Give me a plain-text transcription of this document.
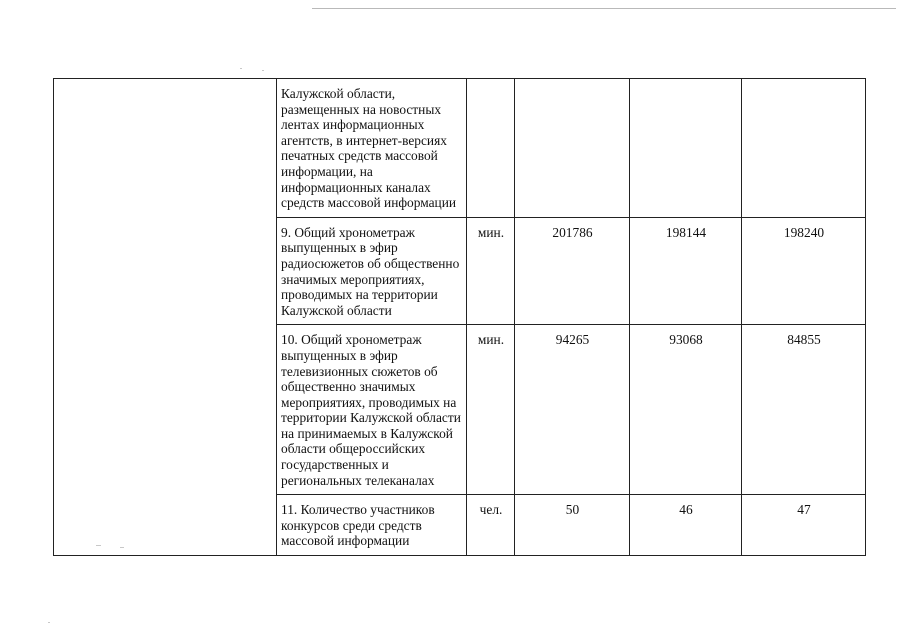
	Калужской области, размещенных на новостных лентах информационных агентств, в интернет-версиях печатных средств массовой информации, на информационных каналах средств массовой информации				
	9. Общий хронометраж выпущенных в эфир радиосюжетов об общественно значимых мероприятиях, проводимых на территории Калужской области	мин.	201786	198144	198240
	10. Общий хронометраж выпущенных в эфир телевизионных сюжетов об общественно значимых мероприятиях, проводимых на территории Калужской области на принимаемых в Калужской области общероссийских государственных и региональных телеканалах	мин.	94265	93068	84855
	11. Количество участников конкурсов среди средств массовой информации	чел.	50	46	47
